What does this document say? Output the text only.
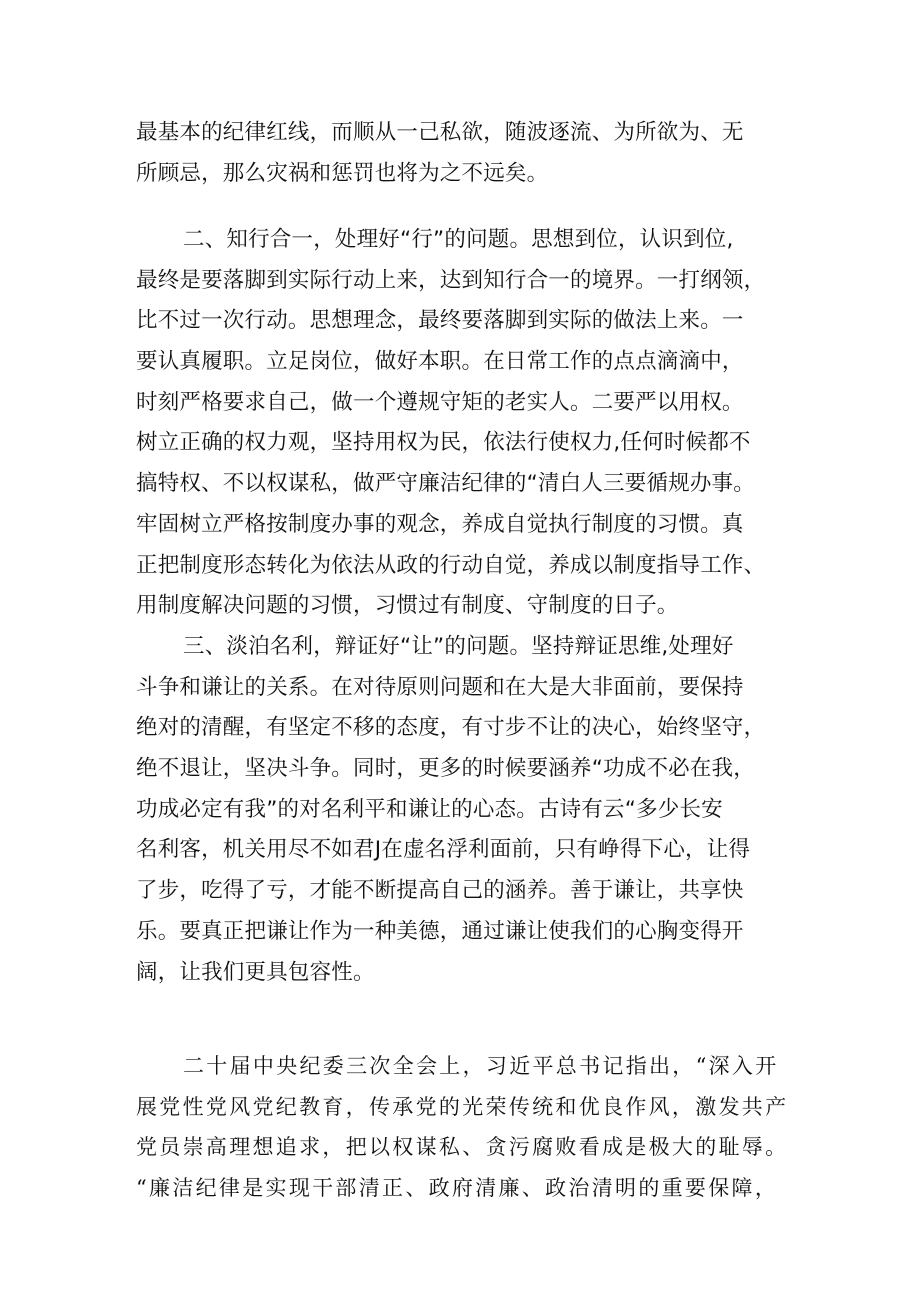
最基本的纪律红线，而顺从一己私欲，随波逐流、为所欲为、无
所顾忌，那么灾祸和惩罚也将为之不远矣。
二、知行合一，处理好“行”的问题。思想到位，认识到位,
最终是要落脚到实际行动上来，达到知行合一的境界。一打纲领，
比不过一次行动。思想理念，最终要落脚到实际的做法上来。一
要认真履职。立足岗位，做好本职。在日常工作的点点滴滴中，
时刻严格要求自己，做一个遵规守矩的老实人。二要严以用权。
树立正确的权力观，坚持用权为民，依法行使权力,任何时候都不
搞特权、不以权谋私，做严守廉洁纪律的“清白人三要循规办事。
牢固树立严格按制度办事的观念，养成自觉执行制度的习惯。真
正把制度形态转化为依法从政的行动自觉，养成以制度指导工作、
用制度解决问题的习惯，习惯过有制度、守制度的日子。
三、淡泊名利，辩证好“让”的问题。坚持辩证思维,处理好
斗争和谦让的关系。在对待原则问题和在大是大非面前，要保持
绝对的清醒，有坚定不移的态度，有寸步不让的决心，始终坚守，
绝不退让，坚决斗争。同时，更多的时候要涵养“功成不必在我，
功成必定有我”的对名利平和谦让的心态。古诗有云“多少长安
名利客，机关用尽不如君J在虚名浮利面前，只有峥得下心，让得
了步，吃得了亏，才能不断提高自己的涵养。善于谦让，共享快
乐。要真正把谦让作为一种美德，通过谦让使我们的心胸变得开
阔，让我们更具包容性。
二十届中央纪委三次全会上，习近平总书记指出，“深入开
展党性党风党纪教育，传承党的光荣传统和优良作风，激发共产
党员崇高理想追求，把以权谋私、贪污腐败看成是极大的耻辱。
“廉洁纪律是实现干部清正、政府清廉、政治清明的重要保障，
